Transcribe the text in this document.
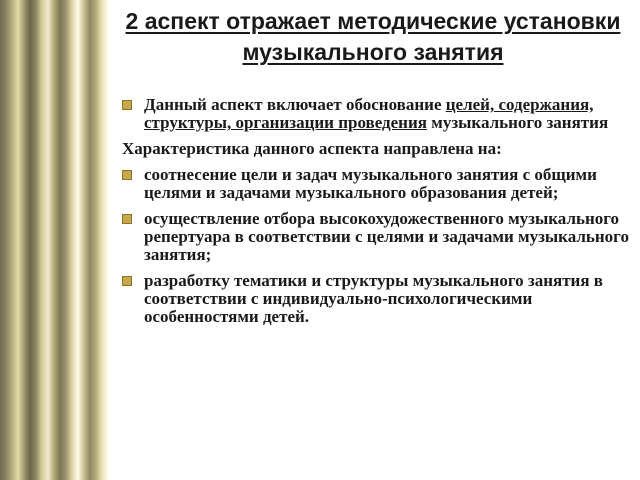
2 аспект отражает методические установки музыкального занятия
Данный аспект включает обоснование целей, содержания, структуры, организации проведения музыкального занятия
Характеристика данного аспекта направлена на:
соотнесение цели и задач музыкального занятия с общими целями и задачами музыкального образования детей;
осуществление отбора высокохудожественного музыкального репертуара в соответствии с целями и задачами музыкального занятия;
разработку тематики и структуры музыкального занятия в соответствии с индивидуально-психологическими особенностями детей.
